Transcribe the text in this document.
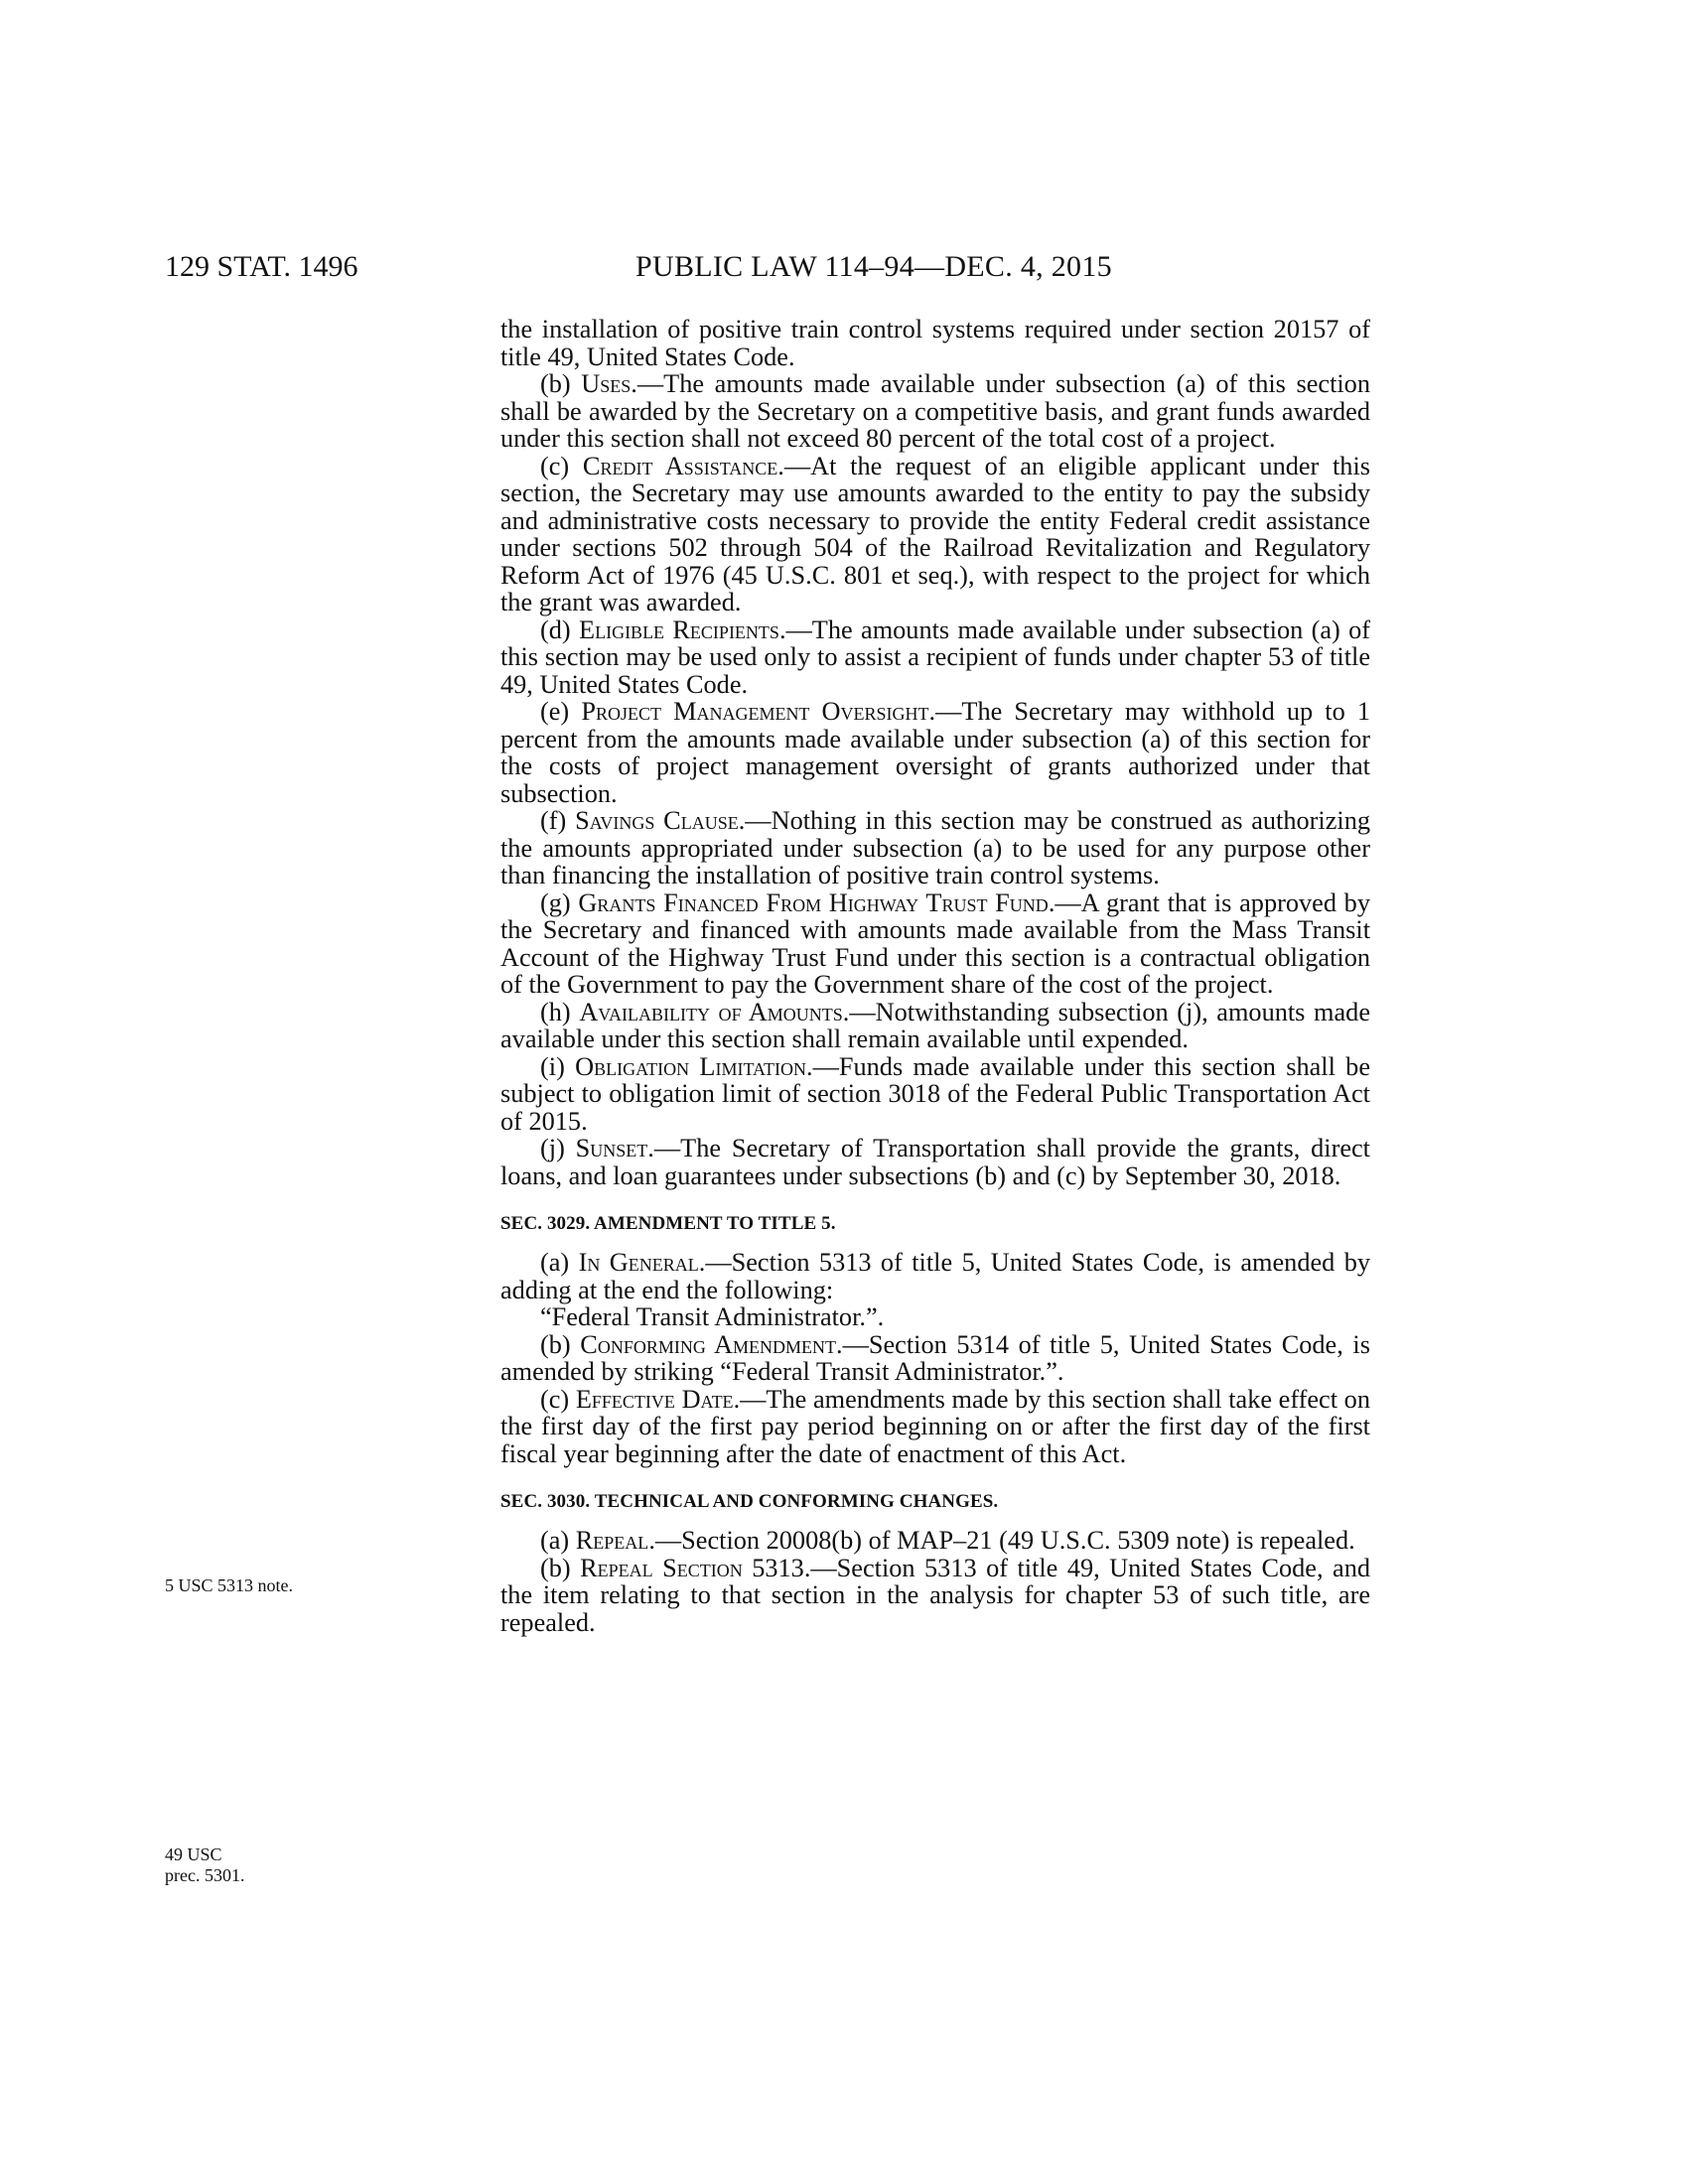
129 STAT. 1496	PUBLIC LAW 114–94—DEC. 4, 2015

the installation of positive train control systems required under section 20157 of title 49, United States Code.

(b) Uses.—The amounts made available under subsection (a) of this section shall be awarded by the Secretary on a competitive basis, and grant funds awarded under this section shall not exceed 80 percent of the total cost of a project.

(c) Credit Assistance.—At the request of an eligible applicant under this section, the Secretary may use amounts awarded to the entity to pay the subsidy and administrative costs necessary to provide the entity Federal credit assistance under sections 502 through 504 of the Railroad Revitalization and Regulatory Reform Act of 1976 (45 U.S.C. 801 et seq.), with respect to the project for which the grant was awarded.

(d) Eligible Recipients.—The amounts made available under subsection (a) of this section may be used only to assist a recipient of funds under chapter 53 of title 49, United States Code.

(e) Project Management Oversight.—The Secretary may withhold up to 1 percent from the amounts made available under subsection (a) of this section for the costs of project management oversight of grants authorized under that subsection.

(f) Savings Clause.—Nothing in this section may be construed as authorizing the amounts appropriated under subsection (a) to be used for any purpose other than financing the installation of positive train control systems.

(g) Grants Financed From Highway Trust Fund.—A grant that is approved by the Secretary and financed with amounts made available from the Mass Transit Account of the Highway Trust Fund under this section is a contractual obligation of the Government to pay the Government share of the cost of the project.

(h) Availability of Amounts.—Notwithstanding subsection (j), amounts made available under this section shall remain available until expended.

(i) Obligation Limitation.—Funds made available under this section shall be subject to obligation limit of section 3018 of the Federal Public Transportation Act of 2015.

(j) Sunset.—The Secretary of Transportation shall provide the grants, direct loans, and loan guarantees under subsections (b) and (c) by September 30, 2018.

SEC. 3029. AMENDMENT TO TITLE 5.

(a) In General.—Section 5313 of title 5, United States Code, is amended by adding at the end the following:

“Federal Transit Administrator.”.

(b) Conforming Amendment.—Section 5314 of title 5, United States Code, is amended by striking “Federal Transit Administrator.”.

(c) Effective Date.—The amendments made by this section shall take effect on the first day of the first pay period beginning on or after the first day of the first fiscal year beginning after the date of enactment of this Act.

SEC. 3030. TECHNICAL AND CONFORMING CHANGES.

(a) Repeal.—Section 20008(b) of MAP–21 (49 U.S.C. 5309 note) is repealed.

(b) Repeal Section 5313.—Section 5313 of title 49, United States Code, and the item relating to that section in the analysis for chapter 53 of such title, are repealed.

5 USC 5313 note.
49 USC
prec. 5301.
